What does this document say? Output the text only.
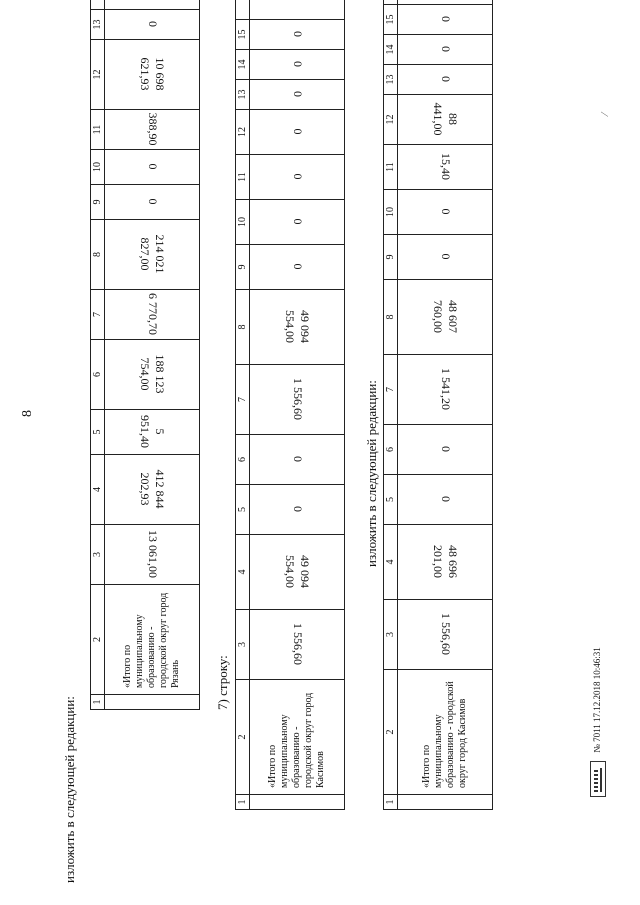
8
изложить в следующей редакции: 1	2	3	4	5	6	7	8	9	10	11	12	13			
	«Итого по муниципальному образованию - городской округ город Рязань	13 061,00	412 844 202,93	5 951,40	188 123 754,00	6 770,70	214 021 827,00	0	0	388,90	10 698 621,93	0			
7) строку:
1	2	3	4	5	6	7	8	9	10	11	12	13	14	15	
	«Итого по муниципальному образованию - городской округ город Касимов	1 556,60	49 094 554,00	0	0	1 556,60	49 094 554,00	0	0	0	0	0	0	0	
изложить в следующей редакции:
1	2	3	4	5	6	7	8	9	10	11	12	13	14	15	
	«Итого по муниципальному образованию - городской округ город Касимов	1 556,60	48 696 201,00	0	0	1 541,20	48 607 760,00	0	0	15,40	88 441,00	0	0	0	
№ 7011 17.12.2018 10:46:31
⁄
